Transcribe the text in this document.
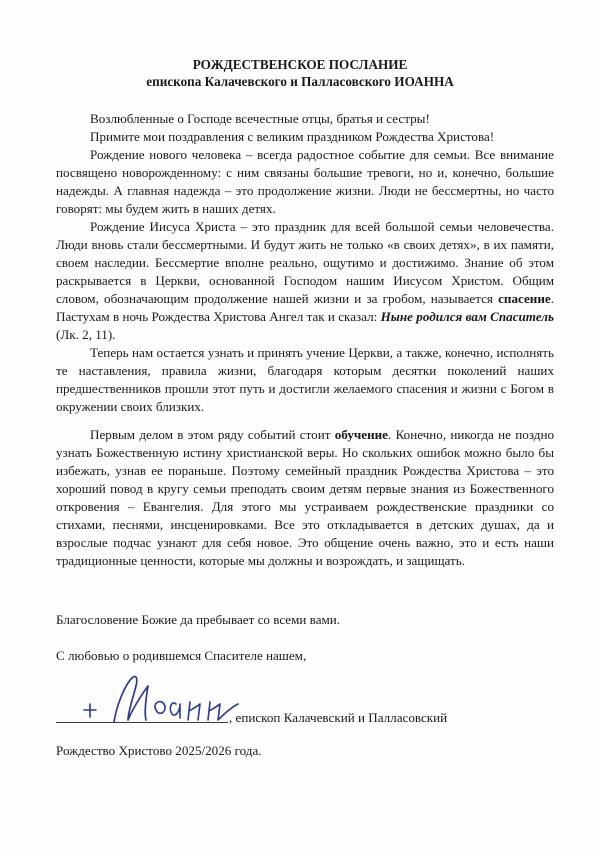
РОЖДЕСТВЕНСКОЕ ПОСЛАНИЕ
епископа Калачевского и Палласовского ИОАННА

Возлюбленные о Господе всечестные отцы, братья и сестры!

Примите мои поздравления с великим праздником Рождества Христова!

Рождение нового человека – всегда радостное событие для семьи. Все внимание посвящено новорожденному: с ним связаны большие тревоги, но и, конечно, большие надежды. А главная надежда – это продолжение жизни. Люди не бессмертны, но часто говорят: мы будем жить в наших детях.

Рождение Иисуса Христа – это праздник для всей большой семьи человечества. Люди вновь стали бессмертными. И будут жить не только «в своих детях», в их памяти, своем наследии. Бессмертие вполне реально, ощутимо и достижимо. Знание об этом раскрывается в Церкви, основанной Господом нашим Иисусом Христом. Общим словом, обозначающим продолжение нашей жизни и за гробом, называется спасение. Пастухам в ночь Рождества Христова Ангел так и сказал: Ныне родился вам Спаситель (Лк. 2, 11).

Теперь нам остается узнать и принять учение Церкви, а также, конечно, исполнять те наставления, правила жизни, благодаря которым десятки поколений наших предшественников прошли этот путь и достигли желаемого спасения и жизни с Богом в окружении своих близких.

Первым делом в этом ряду событий стоит обучение. Конечно, никогда не поздно узнать Божественную истину христианской веры. Но скольких ошибок можно было бы избежать, узнав ее пораньше. Поэтому семейный праздник Рождества Христова – это хороший повод в кругу семьи преподать своим детям первые знания из Божественного откровения – Евангелия. Для этого мы устраиваем рождественские праздники со стихами, песнями, инсценировками. Все это откладывается в детских душах, да и взрослые подчас узнают для себя новое. Это общение очень важно, это и есть наши традиционные ценности, которые мы должны и возрождать, и защищать.

Благословение Божие да пребывает со всеми вами.
С любовью о родившемся Спасителе нашем,
, епископ Калачевский и Палласовский
Рождество Христово 2025/2026 года.
